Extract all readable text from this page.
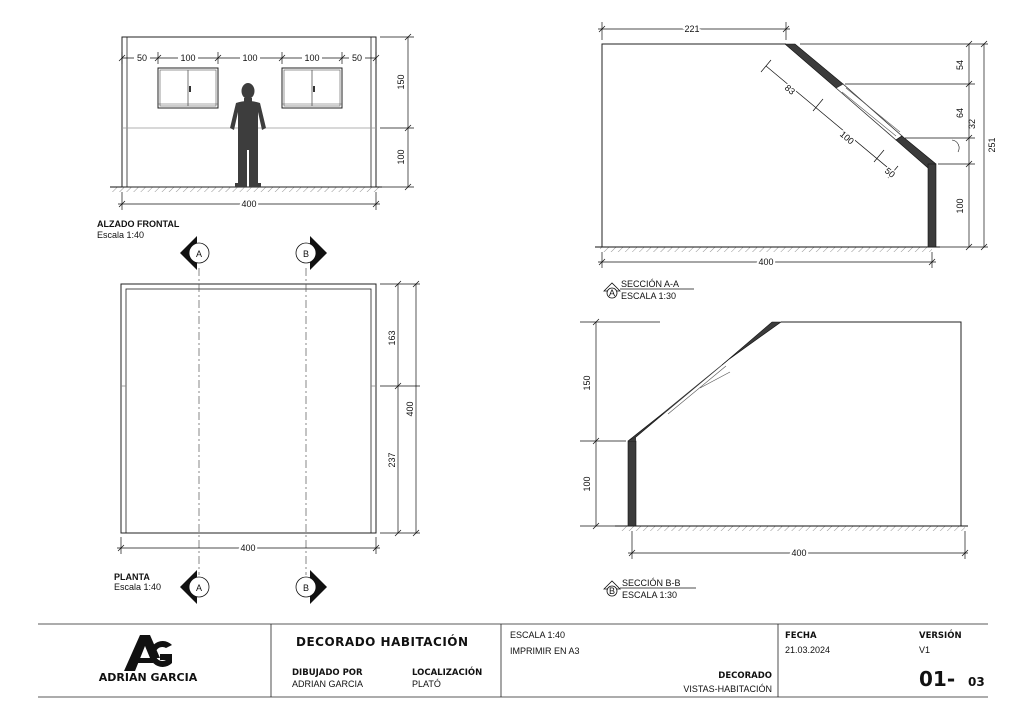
50	100	100	100	50
150
100
400
ALZADO FRONTAL
Escala 1:40
A	B
163
237
400
400
A	B
PLANTA
Escala 1:40
221
83
100
50
54
64
32
100
251
400
A
SECCIÓN A-A
ESCALA 1:30
150
100
400
B
SECCIÓN B-B
ESCALA 1:30
ADRIAN GARCIA
DECORADO HABITACIÓN
DIBUJADO POR
ADRIAN GARCIA
LOCALIZACIÓN
PLATÓ
ESCALA 1:40
IMPRIMIR EN A3
DECORADO
VISTAS-HABITACIÓN
FECHA
21.03.2024
VERSIÓN
V1
01- 03
